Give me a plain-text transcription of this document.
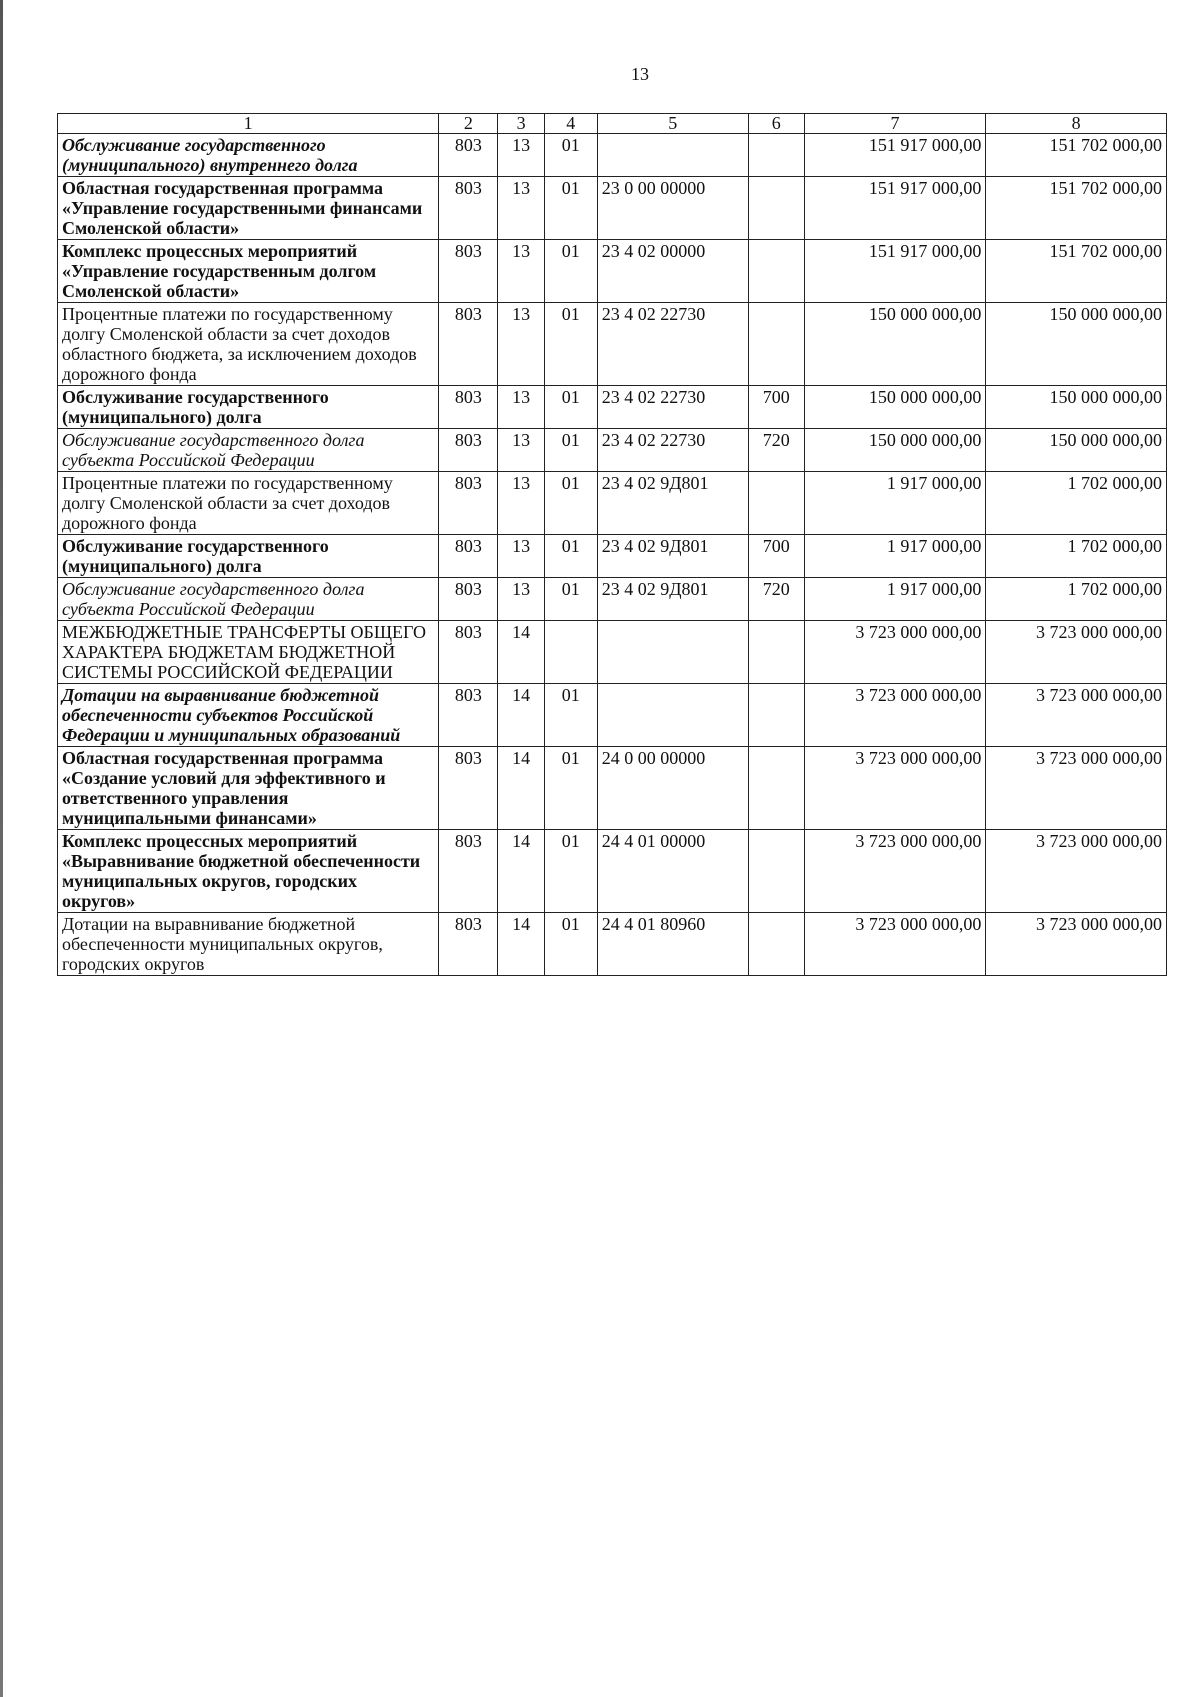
13
1	2	3	4	5	6	7	8
Обслуживание государственного (муниципального) внутреннего долга	803	13	01			151 917 000,00	151 702 000,00
Областная государственная программа «Управление государственными финансами Смоленской области»	803	13	01	23 0 00 00000		151 917 000,00	151 702 000,00
Комплекс процессных мероприятий «Управление государственным долгом Смоленской области»	803	13	01	23 4 02 00000		151 917 000,00	151 702 000,00
Процентные платежи по государственному долгу Смоленской области за счет доходов областного бюджета, за исключением доходов дорожного фонда	803	13	01	23 4 02 22730		150 000 000,00	150 000 000,00
Обслуживание государственного (муниципального) долга	803	13	01	23 4 02 22730	700	150 000 000,00	150 000 000,00
Обслуживание государственного долга субъекта Российской Федерации	803	13	01	23 4 02 22730	720	150 000 000,00	150 000 000,00
Процентные платежи по государственному долгу Смоленской области за счет доходов дорожного фонда	803	13	01	23 4 02 9Д801		1 917 000,00	1 702 000,00
Обслуживание государственного (муниципального) долга	803	13	01	23 4 02 9Д801	700	1 917 000,00	1 702 000,00
Обслуживание государственного долга субъекта Российской Федерации	803	13	01	23 4 02 9Д801	720	1 917 000,00	1 702 000,00
МЕЖБЮДЖЕТНЫЕ ТРАНСФЕРТЫ ОБЩЕГО ХАРАКТЕРА БЮДЖЕТАМ БЮДЖЕТНОЙ СИСТЕМЫ РОССИЙСКОЙ ФЕДЕРАЦИИ	803	14				3 723 000 000,00	3 723 000 000,00
Дотации на выравнивание бюджетной обеспеченности субъектов Российской Федерации и муниципальных образований	803	14	01			3 723 000 000,00	3 723 000 000,00
Областная государственная программа «Создание условий для эффективного и ответственного управления муниципальными финансами»	803	14	01	24 0 00 00000		3 723 000 000,00	3 723 000 000,00
Комплекс процессных мероприятий «Выравнивание бюджетной обеспеченности муниципальных округов, городских округов»	803	14	01	24 4 01 00000		3 723 000 000,00	3 723 000 000,00
Дотации на выравнивание бюджетной обеспеченности муниципальных округов, городских округов	803	14	01	24 4 01 80960		3 723 000 000,00	3 723 000 000,00
